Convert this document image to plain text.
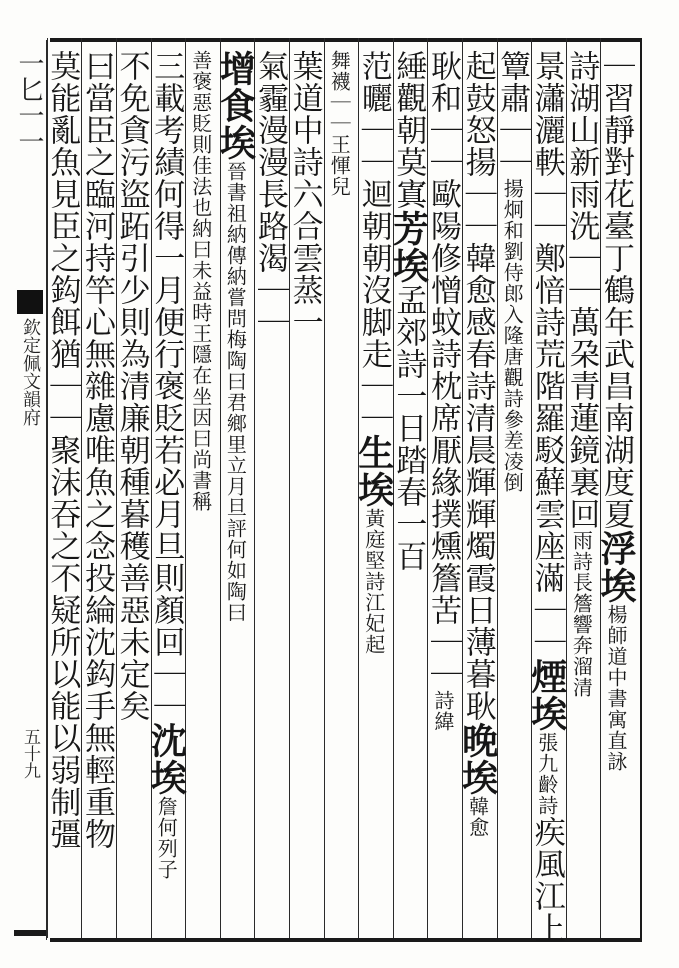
一匕一一
欽定佩文韻府
五十九
｜習靜對花臺丁鶴年武昌南湖度夏浮埃楊師道中書寓直詠
詩湖山新雨洗｜｜萬朶青蓮鏡裏回雨詩長簷響奔溜清
景瀟灑軼｜｜鄭愔詩荒階羅駁蘚雲座滿｜｜煙埃張九齡詩疾風江上
簟肅｜｜揚炯和劉侍郎入隆唐觀詩參差凌倒
起鼓怒揚｜｜韓愈感春詩清晨輝輝燭霞日薄暮耿晚埃韓愈
耿和｜｜歐陽修憎蚊詩枕席厭緣撲燻簷苦｜｜詩緯
綞觀朝莫寘芳埃孟郊詩一日踏春一百
范曬｜｜迴朝朝沒脚走｜｜生埃黃庭堅詩江妃起
舞襪｜｜王惲兒
葉道中詩六合雲蒸一
氣霾漫漫長路渴｜｜
增食埃晉書祖納傳納嘗問梅陶曰君鄉里立月旦評何如陶曰
善褒惡貶則佳法也納曰未益時王隱在坐因曰尚書稱
三載考績何得一月便行褒貶若必月旦則顏回｜｜沈埃詹何列子
不免貪污盜跖引少則為清廉朝種暮穫善惡未定矣
曰當臣之臨河持竿心無雜慮唯魚之念投綸沈鈎手無輕重物
莫能亂魚見臣之鈎餌猶｜｜聚沫吞之不疑所以能以弱制彊
